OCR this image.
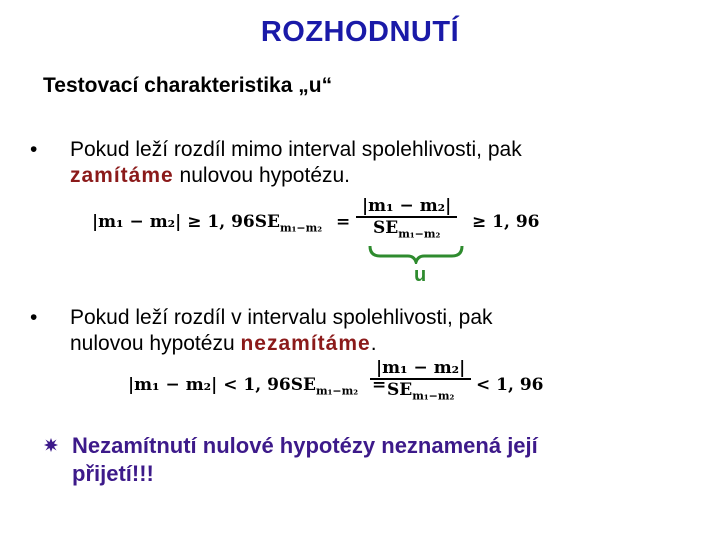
ROZHODNUTÍ
Testovací charakteristika „u“
• Pokud leží rozdíl mimo interval spolehlivosti, pak
zamítáme nulovou hypotézu.
|m₁ − m₂| ≥ 1, $96SE_{m_1-m_2}$ =
|m₁ − m₂|
$SE_{m_1-m_2}$
≥ 1, 96
u
• Pokud leží rozdíl v intervalu spolehlivosti, pak
nulovou hypotézu nezamítáme.
|m₁ − m₂| < 1, $96SE_{m_1-m_2}$ =
|m₁ − m₂|
$SE_{m_1-m_2}$
< 1, 96
Nezamítnutí nulové hypotézy neznamená její
přijetí!!!
